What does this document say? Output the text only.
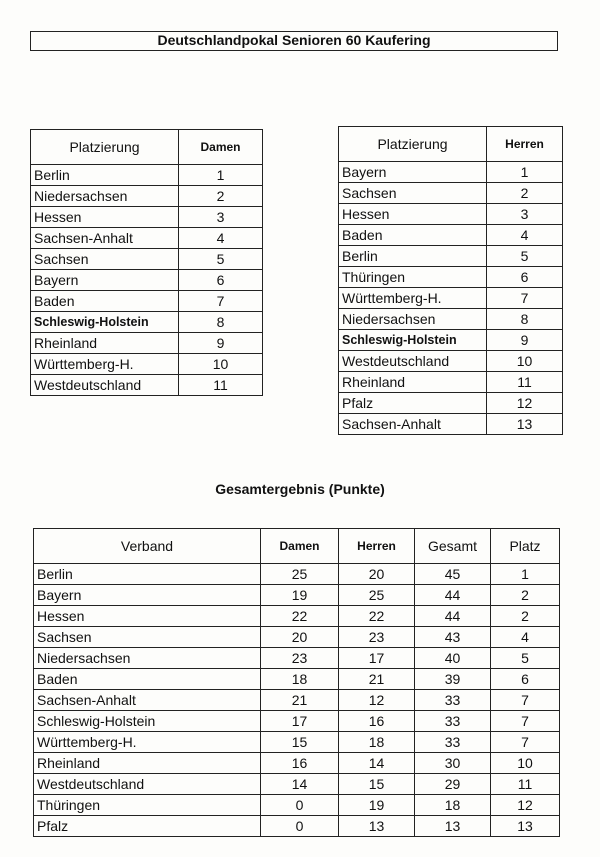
Deutschlandpokal Senioren 60 Kaufering
Platzierung	Damen
Berlin	1
Niedersachsen	2
Hessen	3
Sachsen-Anhalt	4
Sachsen	5
Bayern	6
Baden	7
Schleswig-Holstein	8
Rheinland	9
Württemberg-H.	10
Westdeutschland	11
Platzierung	Herren
Bayern	1
Sachsen	2
Hessen	3
Baden	4
Berlin	5
Thüringen	6
Württemberg-H.	7
Niedersachsen	8
Schleswig-Holstein	9
Westdeutschland	10
Rheinland	11
Pfalz	12
Sachsen-Anhalt	13
Gesamtergebnis (Punkte)
Verband	Damen	Herren	Gesamt	Platz
Berlin	25	20	45	1
Bayern	19	25	44	2
Hessen	22	22	44	2
Sachsen	20	23	43	4
Niedersachsen	23	17	40	5
Baden	18	21	39	6
Sachsen-Anhalt	21	12	33	7
Schleswig-Holstein	17	16	33	7
Württemberg-H.	15	18	33	7
Rheinland	16	14	30	10
Westdeutschland	14	15	29	11
Thüringen	0	19	18	12
Pfalz	0	13	13	13
